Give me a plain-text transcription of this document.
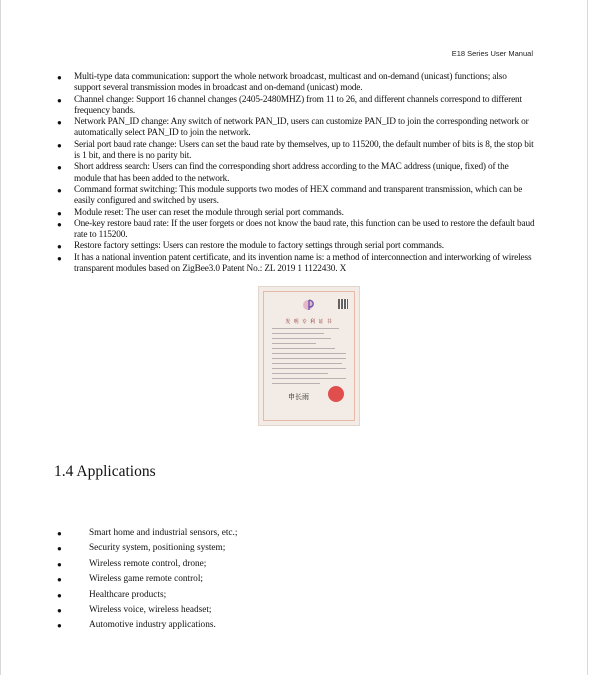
E18 Series User Manual
● Multi-type data communication: support the whole network broadcast, multicast and on-demand (unicast) functions; also support several transmission modes in broadcast and on-demand (unicast) mode.
● Channel change: Support 16 channel changes (2405-2480MHZ) from 11 to 26, and different channels correspond to different frequency bands.
● Network PAN_ID change: Any switch of network PAN_ID, users can customize PAN_ID to join the corresponding network or automatically select PAN_ID to join the network.
● Serial port baud rate change: Users can set the baud rate by themselves, up to 115200, the default number of bits is 8, the stop bit is 1 bit, and there is no parity bit.
● Short address search: Users can find the corresponding short address according to the MAC address (unique, fixed) of the module that has been added to the network.
● Command format switching: This module supports two modes of HEX command and transparent transmission, which can be easily configured and switched by users.
● Module reset: The user can reset the module through serial port commands.
● One-key restore baud rate: If the user forgets or does not know the baud rate, this function can be used to restore the default baud rate to 115200.
● Restore factory settings: Users can restore the module to factory settings through serial port commands.
● It has a national invention patent certificate, and its invention name is: a method of interconnection and interworking of wireless transparent modules based on ZigBee3.0 Patent No.: ZL 2019 1 1122430. X
发 明 专 利 证 书
申长雨
1.4 Applications
●	Smart home and industrial sensors, etc.;
●	Security system, positioning system;
●	Wireless remote control, drone;
●	Wireless game remote control;
●	Healthcare products;
●	Wireless voice, wireless headset;
●	Automotive industry applications.
